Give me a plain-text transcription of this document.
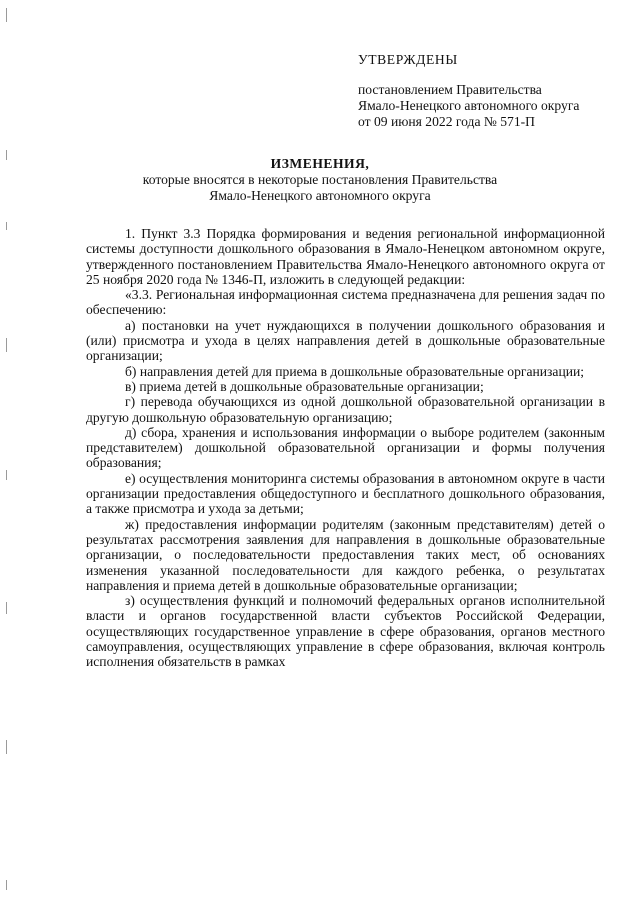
УТВЕРЖДЕНЫ
постановлением Правительства
Ямало-Ненецкого автономного округа
от 09 июня 2022 года № 571-П
ИЗМЕНЕНИЯ,
которые вносятся в некоторые постановления Правительства
Ямало-Ненецкого автономного округа

1. Пункт 3.3 Порядка формирования и ведения региональной информационной системы доступности дошкольного образования в Ямало-Ненецком автономном округе, утвержденного постановлением Правительства Ямало-Ненецкого автономного округа от 25 ноября 2020 года № 1346-П, изложить в следующей редакции:

«3.3. Региональная информационная система предназначена для решения задач по обеспечению:

а) постановки на учет нуждающихся в получении дошкольного образования и (или) присмотра и ухода в целях направления детей в дошкольные образовательные организации;

б) направления детей для приема в дошкольные образовательные организации;

в) приема детей в дошкольные образовательные организации;

г) перевода обучающихся из одной дошкольной образовательной организации в другую дошкольную образовательную организацию;

д) сбора, хранения и использования информации о выборе родителем (законным представителем) дошкольной образовательной организации и формы получения образования;

е) осуществления мониторинга системы образования в автономном округе в части организации предоставления общедоступного и бесплатного дошкольного образования, а также присмотра и ухода за детьми;

ж) предоставления информации родителям (законным представителям) детей о результатах рассмотрения заявления для направления в дошкольные образовательные организации, о последовательности предоставления таких мест, об основаниях изменения указанной последовательности для каждого ребенка, о результатах направления и приема детей в дошкольные образовательные организации;

з) осуществления функций и полномочий федеральных органов исполнительной власти и органов государственной власти субъектов Российской Федерации, осуществляющих государственное управление в сфере образования, органов местного самоуправления, осуществляющих управление в сфере образования, включая контроль исполнения обязательств в рамках
